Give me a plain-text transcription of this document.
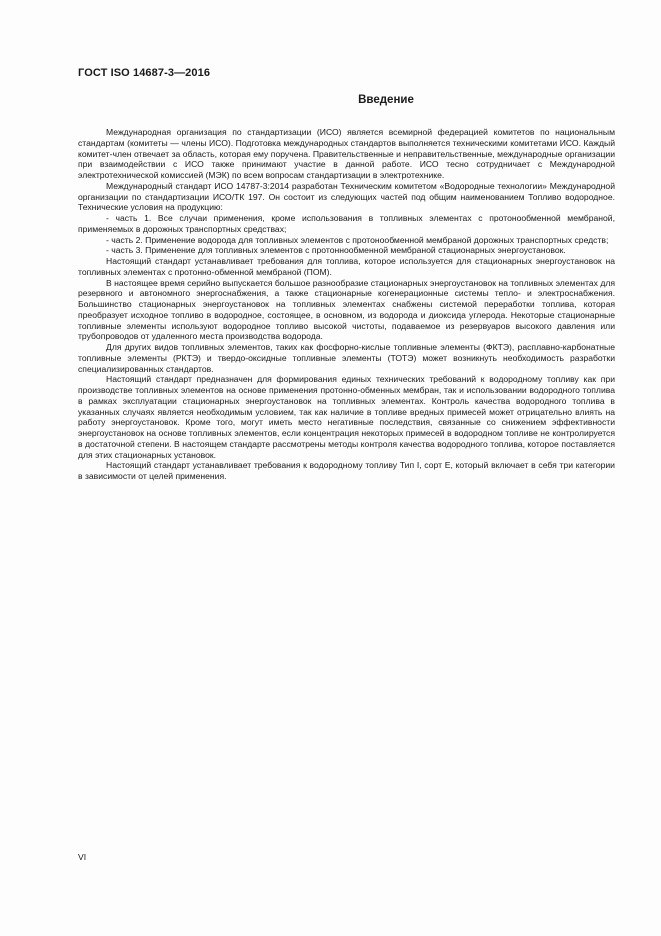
ГОСТ ISO 14687-3—2016
Введение

Международная организация по стандартизации (ИСО) является всемирной федерацией комитетов по национальным стандартам (комитеты — члены ИСО). Подготовка международных стандартов выполняется техническими комитетами ИСО. Каждый комитет-член отвечает за область, которая ему поручена. Правительственные и неправительственные, международные организации при взаимодействии с ИСО также принимают участие в данной работе. ИСО тесно сотрудничает с Международной электротехнической комиссией (МЭК) по всем вопросам стандартизации в электротехнике.

Международный стандарт ИСО 14787-3:2014 разработан Техническим комитетом «Водородные технологии» Международной организации по стандартизации ИСО/ТК 197. Он состоит из следующих частей под общим наименованием Топливо водородное. Технические условия на продукцию:

- часть 1. Все случаи применения, кроме использования в топливных элементах с протонообменной мембраной, применяемых в дорожных транспортных средствах;

- часть 2. Применение водорода для топливных элементов с протонообменной мембраной дорожных транспортных средств;

- часть 3. Применение для топливных элементов с протоннообменной мембраной стационарных энергоустановок.

Настоящий стандарт устанавливает требования для топлива, которое используется для стационарных энергоустановок на топливных элементах с протонно-обменной мембраной (ПОМ).

В настоящее время серийно выпускается большое разнообразие стационарных энергоустановок на топливных элементах для резервного и автономного энергоснабжения, а также стационарные когенерационные системы тепло- и электроснабжения. Большинство стационарных энергоустановок на топливных элементах снабжены системой переработки топлива, которая преобразует исходное топливо в водородное, состоящее, в основном, из водорода и диоксида углерода. Некоторые стационарные топливные элементы используют водородное топливо высокой чистоты, подаваемое из резервуаров высокого давления или трубопроводов от удаленного места производства водорода.

Для других видов топливных элементов, таких как фосфорно-кислые топливные элементы (ФКТЭ), расплавно-карбонатные топливные элементы (РКТЭ) и твердо-оксидные топливные элементы (ТОТЭ) может возникнуть необходимость разработки специализированных стандартов.

Настоящий стандарт предназначен для формирования единых технических требований к водородному топливу как при производстве топливных элементов на основе применения протонно-обменных мембран, так и использовании водородного топлива в рамках эксплуатации стационарных энергоустановок на топливных элементах. Контроль качества водородного топлива в указанных случаях является необходимым условием, так как наличие в топливе вредных примесей может отрицательно влиять на работу энергоустановок. Кроме того, могут иметь место негативные последствия, связанные со снижением эффективности энергоустановок на основе топливных элементов, если концентрация некоторых примесей в водородном топливе не контролируется в достаточной степени. В настоящем стандарте рассмотрены методы контроля качества водородного топлива, которое поставляется для этих стационарных установок.

Настоящий стандарт устанавливает требования к водородному топливу Тип I, сорт E, который включает в себя три категории в зависимости от целей применения.

VI
